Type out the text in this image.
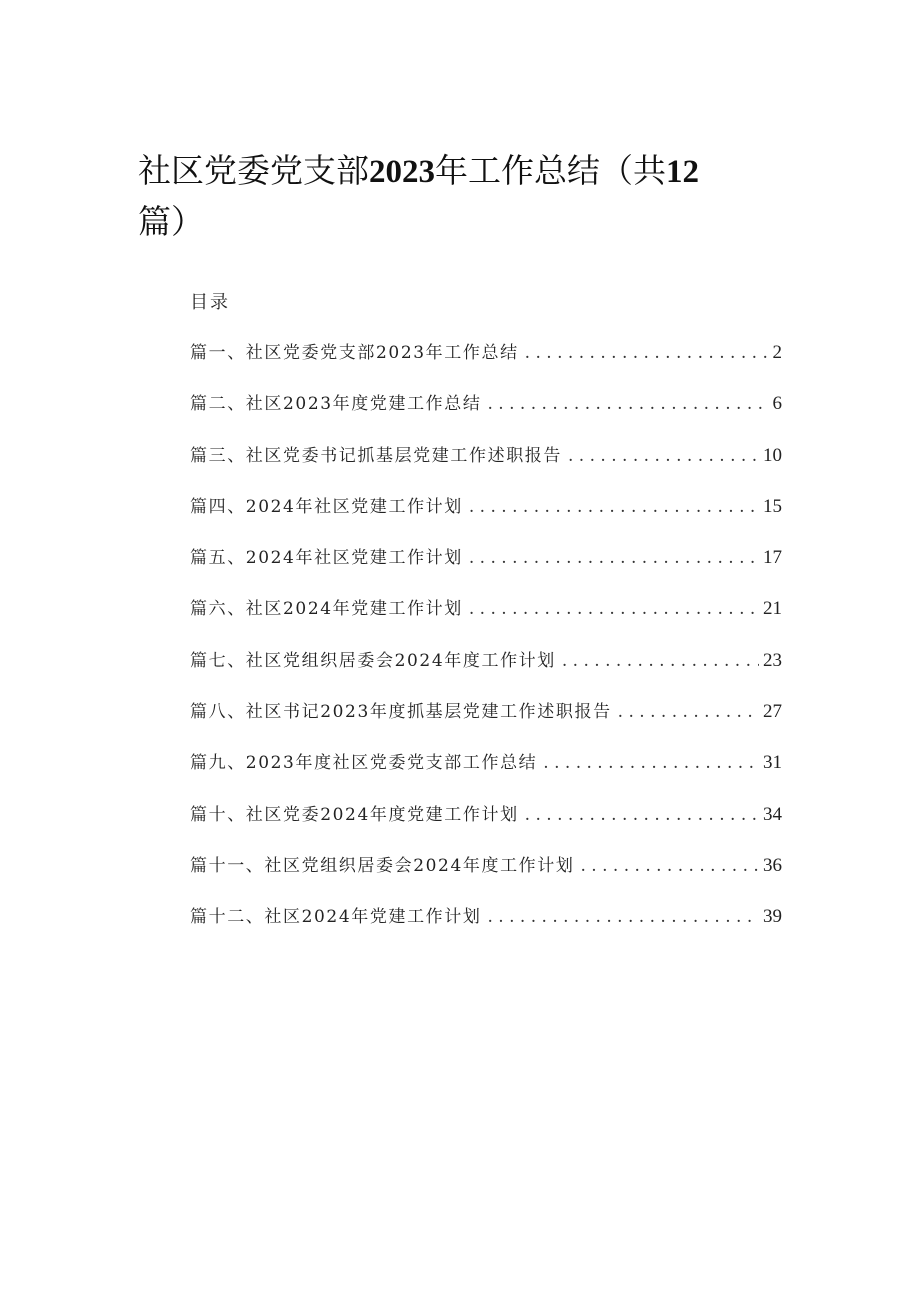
社区党委党支部2023年工作总结（共12篇）
目录
篇一、社区党委党支部2023年工作总结 . . .	2
篇二、社区2023年度党建工作总结 . . .	6
篇三、社区党委书记抓基层党建工作述职报告 . . .	10
篇四、2024年社区党建工作计划 . . .	15
篇五、2024年社区党建工作计划 . . .	17
篇六、社区2024年党建工作计划 . . .	21
篇七、社区党组织居委会2024年度工作计划 . . .	23
篇八、社区书记2023年度抓基层党建工作述职报告 . . .	27
篇九、2023年度社区党委党支部工作总结 . . .	31
篇十、社区党委2024年度党建工作计划 . . .	34
篇十一、社区党组织居委会2024年度工作计划 . . .	36
篇十二、社区2024年党建工作计划 . . .	39
